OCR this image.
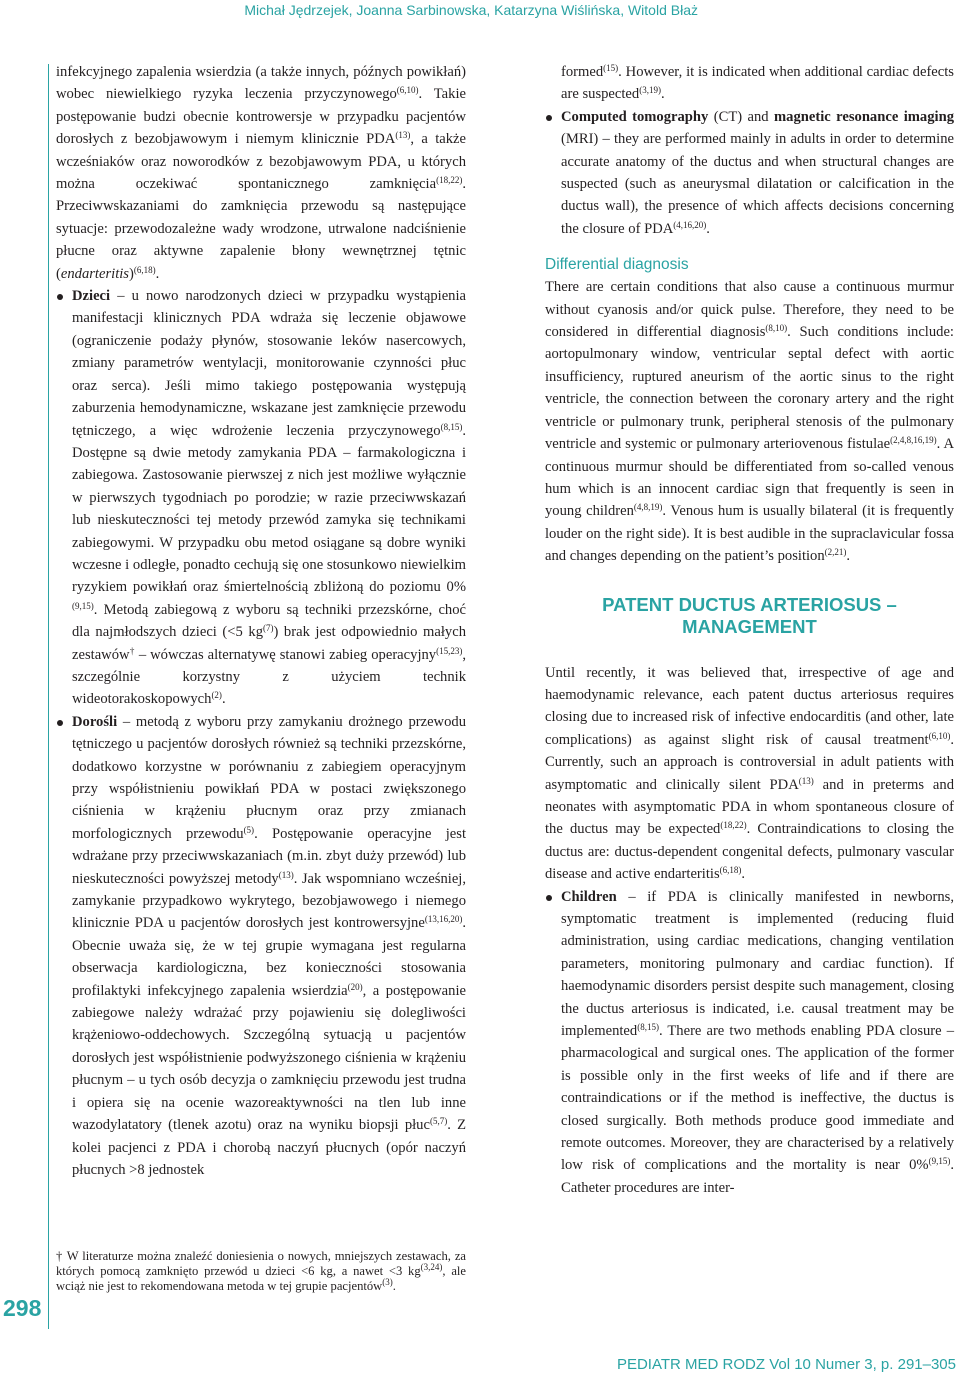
Michał Jędrzejek, Joanna Sarbinowska, Katarzyna Wiślińska, Witold Błaż
298

infekcyjnego zapalenia wsierdzia (a także innych, późnych powikłań) wobec niewielkiego ryzyka leczenia przyczynowego$^{(6,10)}$. Takie postępowanie budzi obecnie kontrowersje w przypadku pacjentów dorosłych z bezobjawowym i niemym klinicznie PDA$^{(13)}$, a także wcześniaków oraz noworodków z bezobjawowym PDA, u których można oczekiwać spontanicznego zamknięcia$^{(18,22)}$. Przeciwwskazaniami do zamknięcia przewodu są następujące sytuacje: przewodozależne wady wrodzone, utrwalone nadciśnienie płucne oraz aktywne zapalenie błony wewnętrznej tętnic (endarteritis)$^{(6,18)}$.

Dzieci – u nowo narodzonych dzieci w przypadku wystąpienia manifestacji klinicznych PDA wdraża się leczenie objawowe (ograniczenie podaży płynów, stosowanie leków nasercowych, zmiany parametrów wentylacji, monitorowanie czynności płuc oraz serca). Jeśli mimo takiego postępowania występują zaburzenia hemodynamiczne, wskazane jest zamknięcie przewodu tętniczego, a więc wdrożenie leczenia przyczynowego$^{(8,15)}$. Dostępne są dwie metody zamykania PDA – farmakologiczna i zabiegowa. Zastosowanie pierwszej z nich jest możliwe wyłącznie w pierwszych tygodniach po porodzie; w razie przeciwwskazań lub nieskuteczności tej metody przewód zamyka się technikami zabiegowymi. W przypadku obu metod osiągane są dobre wyniki wczesne i odległe, ponadto cechują się one stosunkowo niewielkim ryzykiem powikłań oraz śmiertelnością zbliżoną do poziomu 0%$^{(9,15)}$. Metodą zabiegową z wyboru są techniki przezskórne, choć dla najmłodszych dzieci (<5 $kg^{(7)}$) brak jest odpowiednio małych zestawów† – wówczas alternatywę stanowi zabieg operacyjny$^{(15,23)}$, szczególnie korzystny z użyciem technik wideotorakoskopowych$^{(2)}$.
Dorośli – metodą z wyboru przy zamykaniu drożnego przewodu tętniczego u pacjentów dorosłych również są techniki przezskórne, dodatkowo korzystne w porównaniu z zabiegiem operacyjnym przy współistnieniu powikłań PDA w postaci zwiększonego ciśnienia w krążeniu płucnym oraz przy zmianach morfologicznych przewodu$^{(5)}$. Postępowanie operacyjne jest wdrażane przy przeciwwskazaniach (m.in. zbyt duży przewód) lub nieskuteczności powyższej metody$^{(13)}$. Jak wspomniano wcześniej, zamykanie przypadkowo wykrytego, bezobjawowego i niemego klinicznie PDA u pacjentów dorosłych jest kontrowersyjne$^{(13,16,20)}$. Obecnie uważa się, że w tej grupie wymagana jest regularna obserwacja kardiologiczna, bez konieczności stosowania profilaktyki infekcyjnego zapalenia wsierdzia$^{(20)}$, a postępowanie zabiegowe należy wdrażać przy pojawieniu się dolegliwości krążeniowo-oddechowych. Szczególną sytuacją u pacjentów dorosłych jest współistnienie podwyższonego ciśnienia w krążeniu płucnym – u tych osób decyzja o zamknięciu przewodu jest trudna i opiera się na ocenie wazoreaktywności na tlen lub inne wazodylatatory (tlenek azotu) oraz na wyniku biopsji płuc$^{(5,7)}$. Z kolei pacjenci z PDA i chorobą naczyń płucnych (opór naczyń płucnych >8 jednostek
† W literaturze można znaleźć doniesienia o nowych, mniejszych zestawach, za których pomocą zamknięto przewód u dzieci <6 kg, a nawet <3 kg$^{(3,24)}$, ale wciąż nie jest to rekomendowana metoda w tej grupie pacjentów$^{(3)}$.

formed$^{(15)}$. However, it is indicated when additional cardiac defects are suspected$^{(3,19)}$.

Computed tomography (CT) and magnetic resonance imaging (MRI) – they are performed mainly in adults in order to determine accurate anatomy of the ductus and when structural changes are suspected (such as aneurysmal dilatation or calcification in the ductus wall), the presence of which affects decisions concerning the closure of PDA$^{(4,16,20)}$.

Differential diagnosis

There are certain conditions that also cause a continuous murmur without cyanosis and/or quick pulse. Therefore, they need to be considered in differential diagnosis$^{(8,10)}$. Such conditions include: aortopulmonary window, ventricular septal defect with aortic insufficiency, ruptured aneurism of the aortic sinus to the right ventricle, the connection between the coronary artery and the right ventricle or pulmonary trunk, peripheral stenosis of the pulmonary ventricle and systemic or pulmonary arteriovenous fistulae$^{(2,4,8,16,19)}$. A continuous murmur should be differentiated from so-called venous hum which is an innocent cardiac sign that frequently is seen in young children$^{(4,8,19)}$. Venous hum is usually bilateral (it is frequently louder on the right side). It is best audible in the supraclavicular fossa and changes depending on the patient’s position$^{(2,21)}$.

PATENT DUCTUS ARTERIOSUS –
MANAGEMENT

Until recently, it was believed that, irrespective of age and haemodynamic relevance, each patent ductus arteriosus requires closing due to increased risk of infective endocarditis (and other, late complications) as against slight risk of causal treatment$^{(6,10)}$. Currently, such an approach is controversial in adult patients with asymptomatic and clinically silent PDA$^{(13)}$ and in preterms and neonates with asymptomatic PDA in whom spontaneous closure of the ductus may be expected$^{(18,22)}$. Contraindications to closing the ductus are: ductus-dependent congenital defects, pulmonary vascular disease and active endarteritis$^{(6,18)}$.

Children – if PDA is clinically manifested in newborns, symptomatic treatment is implemented (reducing fluid administration, using cardiac medications, changing ventilation parameters, monitoring pulmonary and cardiac function). If haemodynamic disorders persist despite such management, closing the ductus arteriosus is indicated, i.e. causal treatment may be implemented$^{(8,15)}$. There are two methods enabling PDA closure – pharmacological and surgical ones. The application of the former is possible only in the first weeks of life and if there are contraindications or if the method is ineffective, the ductus is closed surgically. Both methods produce good immediate and remote outcomes. Moreover, they are characterised by a relatively low risk of complications and the mortality is near 0%$^{(9,15)}$. Catheter procedures are inter-
PEDIATR MED RODZ Vol 10 Numer 3, p. 291–305
